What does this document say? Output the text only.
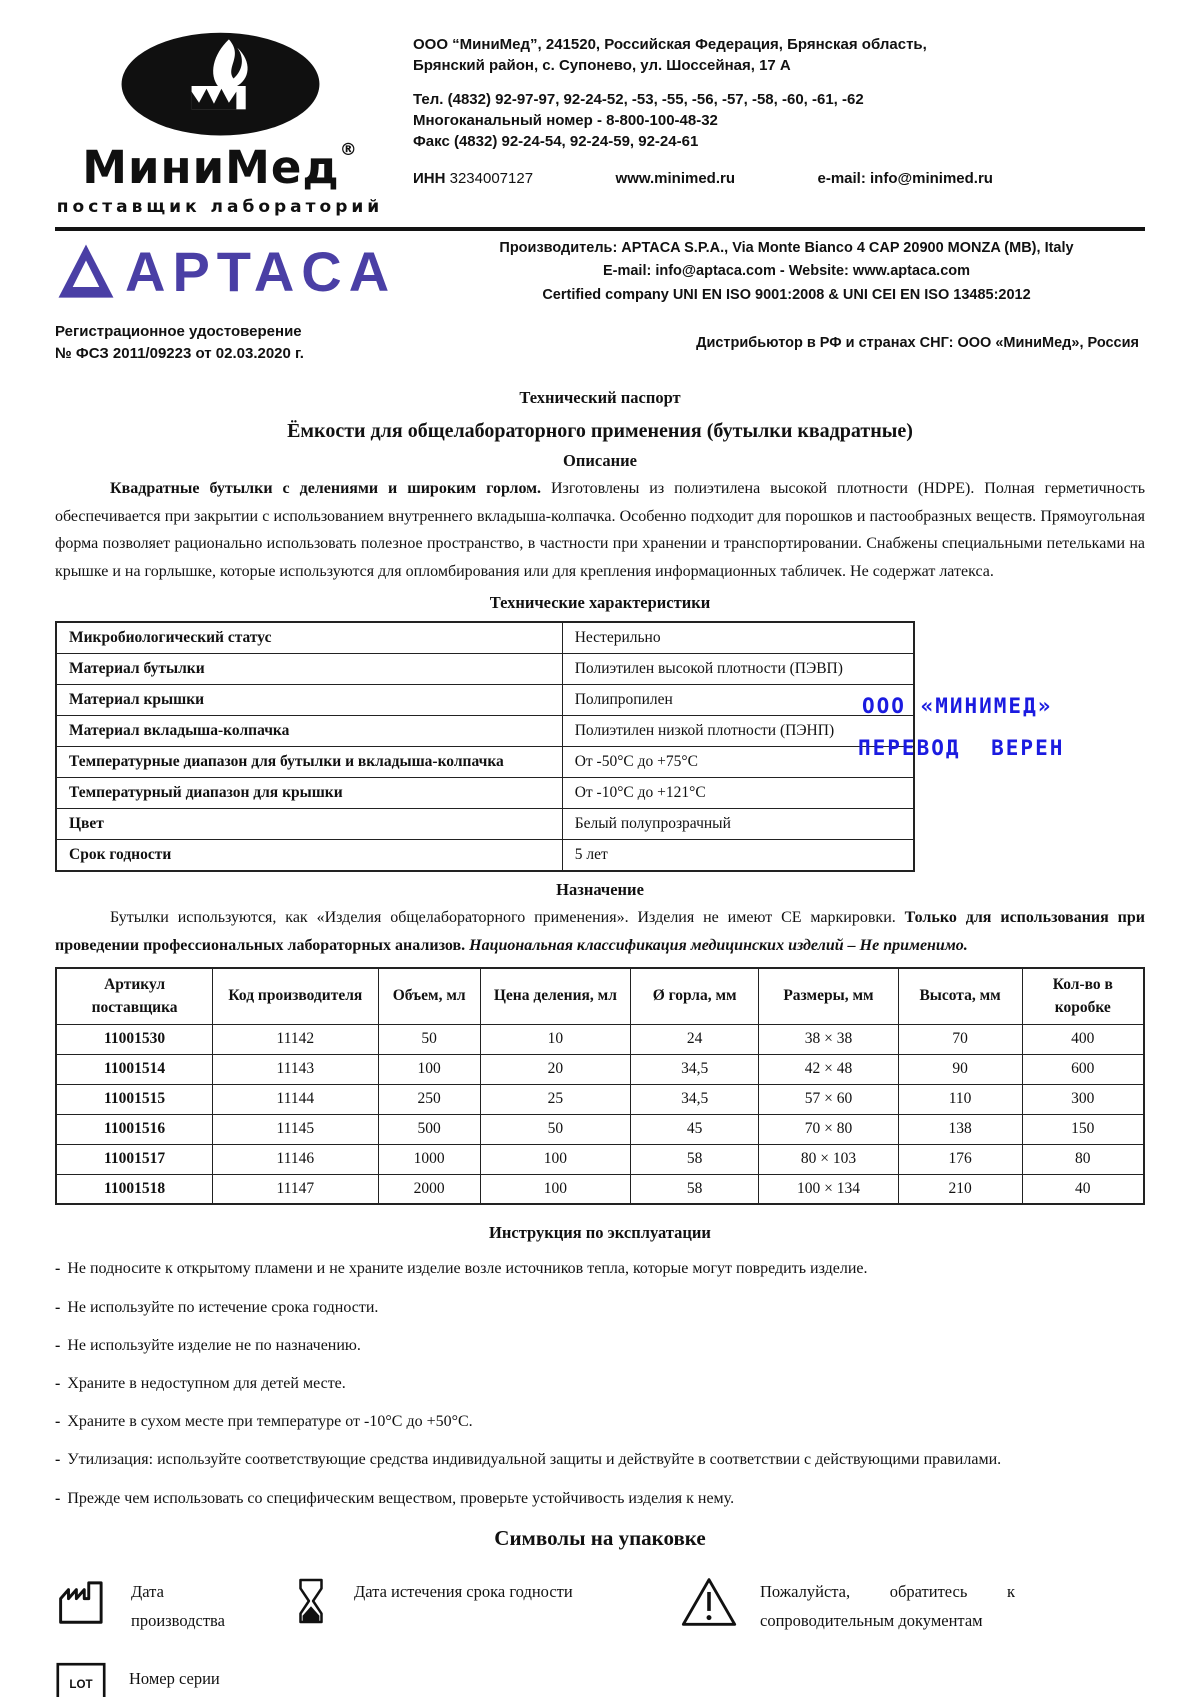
МиниМед®
поставщик лабораторий
ООО “МиниМед”, 241520, Российская Федерация, Брянская область,
Брянский район, с. Супонево, ул. Шоссейная, 17 А
Тел. (4832) 92-97-97, 92-24-52, -53, -55, -56, -57, -58, -60, -61, -62
Многоканальный номер - 8-800-100-48-32
Факс (4832) 92-24-54, 92-24-59, 92-24-61
ИНН 3234007127	www.minimed.ru	e-mail: info@minimed.ru
APTACA	Производитель: APTACA S.P.A., Via Monte Bianco 4 CAP 20900 MONZA (MB), Italy
E-mail: info@aptaca.com - Website: www.aptaca.com
Certified company UNI EN ISO 9001:2008 & UNI CEI EN ISO 13485:2012
Регистрационное удостоверение
№ ФСЗ 2011/09223 от 02.03.2020 г.
Дистрибьютор в РФ и странах СНГ: ООО «МиниМед», Россия
Технический паспорт
Ёмкости для общелабораторного применения (бутылки квадратные)
Описание

Квадратные бутылки с делениями и широким горлом. Изготовлены из полиэтилена высокой плотности (HDPE). Полная герметичность обеспечивается при закрытии с использованием внутреннего вкладыша-колпачка. Особенно подходит для порошков и пастообразных веществ. Прямоугольная форма позволяет рационально использовать полезное пространство, в частности при хранении и транспортировании. Снабжены специальными петельками на крышке и на горлышке, которые используются для опломбирования или для крепления информационных табличек. Не содержат латекса.

Технические характеристики
Микробиологический статус	Нестерильно
Материал бутылки	Полиэтилен высокой плотности (ПЭВП)
Материал крышки	Полипропилен
Материал вкладыша-колпачка	Полиэтилен низкой плотности (ПЭНП)
Температурные диапазон для бутылки и вкладыша-колпачка	От -50°С до +75°С
Температурный диапазон для крышки	От -10°С до +121°С
Цвет	Белый полупрозрачный
Срок годности	5 лет
ООО «МИНИМЕД»
ПЕРЕВОД ВЕРЕН
Назначение

Бутылки используются, как «Изделия общелабораторного применения». Изделия не имеют СЕ маркировки. Только для использования при проведении профессиональных лабораторных анализов. Национальная классификация медицинских изделий – Не применимо.

Артикул поставщика	Код производителя	Объем, мл	Цена деления, мл	Ø горла, мм	Размеры, мм	Высота, мм	Кол-во в коробке
11001530	11142	50	10	24	38 × 38	70	400
11001514	11143	100	20	34,5	42 × 48	90	600
11001515	11144	250	25	34,5	57 × 60	110	300
11001516	11145	500	50	45	70 × 80	138	150
11001517	11146	1000	100	58	80 × 103	176	80
11001518	11147	2000	100	58	100 × 134	210	40
Инструкция по эксплуатации
- Не подносите к открытому пламени и не храните изделие возле источников тепла, которые могут повредить изделие.
- Не используйте по истечение срока годности.
- Не используйте изделие не по назначению.
- Храните в недоступном для детей месте.
- Храните в сухом месте при температуре от -10°С до +50°С.
- Утилизация: используйте соответствующие средства индивидуальной защиты и действуйте в соответствии с действующими правилами.
- Прежде чем использовать со специфическим веществом, проверьте устойчивость изделия к нему.
Символы на упаковке
Дата производства
Дата истечения срока годности	Пожалуйста, обратитесь к сопроводительным документам
LOT Номер серии
